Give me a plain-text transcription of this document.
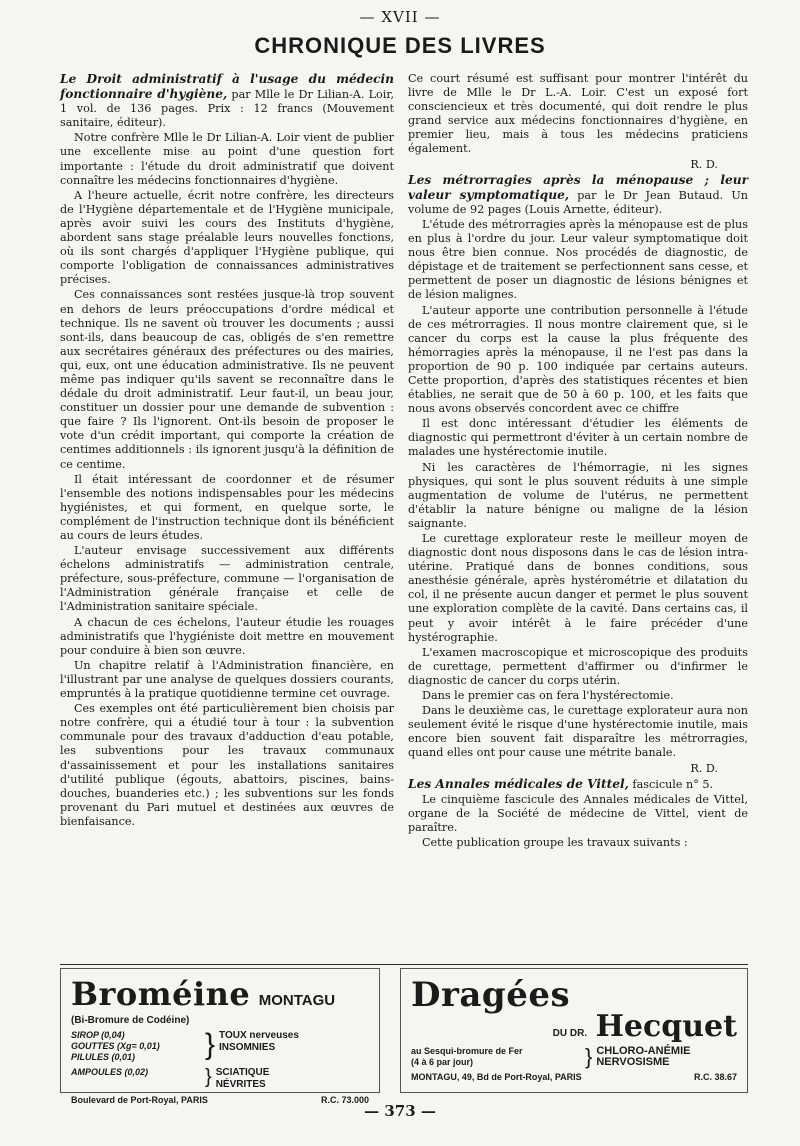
— XVII —
CHRONIQUE DES LIVRES

Le Droit administratif à l'usage du médecin fonctionnaire d'hygiène, par Mlle le Dr Lilian-A. Loir, 1 vol. de 136 pages. Prix : 12 francs (Mouvement sanitaire, éditeur).

Notre confrère Mlle le Dr Lilian-A. Loir vient de publier une excellente mise au point d'une question fort importante : l'étude du droit administratif que doivent connaître les médecins fonctionnaires d'hygiène.

A l'heure actuelle, écrit notre confrère, les directeurs de l'Hygiène départementale et de l'Hygiène municipale, après avoir suivi les cours des Instituts d'hygiène, abordent sans stage préalable leurs nouvelles fonctions, où ils sont chargés d'appliquer l'Hygiène publique, qui comporte l'obligation de connaissances administratives précises.

Ces connaissances sont restées jusque-là trop souvent en dehors de leurs préoccupations d'ordre médical et technique. Ils ne savent où trouver les documents ; aussi sont-ils, dans beaucoup de cas, obligés de s'en remettre aux secrétaires généraux des préfectures ou des mairies, qui, eux, ont une éducation administrative. Ils ne peuvent même pas indiquer qu'ils savent se reconnaître dans le dédale du droit administratif. Leur faut-il, un beau jour, constituer un dossier pour une demande de subvention : que faire ? Ils l'ignorent. Ont-ils besoin de proposer le vote d'un crédit important, qui comporte la création de centimes additionnels : ils ignorent jusqu'à la définition de ce centime.

Il était intéressant de coordonner et de résumer l'ensemble des notions indispensables pour les médecins hygiénistes, et qui forment, en quelque sorte, le complément de l'instruction technique dont ils bénéficient au cours de leurs études.

L'auteur envisage successivement aux différents échelons administratifs — administration centrale, préfecture, sous-préfecture, commune — l'organisation de l'Administration générale française et celle de l'Administration sanitaire spéciale.

A chacun de ces échelons, l'auteur étudie les rouages administratifs que l'hygiéniste doit mettre en mouvement pour conduire à bien son œuvre.

Un chapitre relatif à l'Administration financière, en l'illustrant par une analyse de quelques dossiers courants, empruntés à la pratique quotidienne termine cet ouvrage.

Ces exemples ont été particulièrement bien choisis par notre confrère, qui a étudié tour à tour : la subvention communale pour des travaux d'adduction d'eau potable, les subventions pour les travaux communaux d'assainissement et pour les installations sanitaires d'utilité publique (égouts, abattoirs, piscines, bains-douches, buanderies etc.) ; les subventions sur les fonds provenant du Pari mutuel et destinées aux œuvres de bienfaisance.

Ce court résumé est suffisant pour montrer l'intérêt du livre de Mlle le Dr L.-A. Loir. C'est un exposé fort consciencieux et très documenté, qui doit rendre le plus grand service aux médecins fonctionnaires d'hygiène, en premier lieu, mais à tous les médecins praticiens également.

R. D.

Les métrorragies après la ménopause ; leur valeur symptomatique, par le Dr Jean Butaud. Un volume de 92 pages (Louis Arnette, éditeur).

L'étude des métrorragies après la ménopause est de plus en plus à l'ordre du jour. Leur valeur symptomatique doit nous être bien connue. Nos procédés de diagnostic, de dépistage et de traitement se perfectionnent sans cesse, et permettent de poser un diagnostic de lésions bénignes et de lésion malignes.

L'auteur apporte une contribution personnelle à l'étude de ces métrorragies. Il nous montre clairement que, si le cancer du corps est la cause la plus fréquente des hémorragies après la ménopause, il ne l'est pas dans la proportion de 90 p. 100 indiquée par certains auteurs. Cette proportion, d'après des statistiques récentes et bien établies, ne serait que de 50 à 60 p. 100, et les faits que nous avons observés concordent avec ce chiffre

Il est donc intéressant d'étudier les éléments de diagnostic qui permettront d'éviter à un certain nombre de malades une hystérectomie inutile.

Ni les caractères de l'hémorragie, ni les signes physiques, qui sont le plus souvent réduits à une simple augmentation de volume de l'utérus, ne permettent d'établir la nature bénigne ou maligne de la lésion saignante.

Le curettage explorateur reste le meilleur moyen de diagnostic dont nous disposons dans le cas de lésion intra-utérine. Pratiqué dans de bonnes conditions, sous anesthésie générale, après hystérométrie et dilatation du col, il ne présente aucun danger et permet le plus souvent une exploration complète de la cavité. Dans certains cas, il peut y avoir intérêt à le faire précéder d'une hystérographie.

L'examen macroscopique et microscopique des produits de curettage, permettent d'affirmer ou d'infirmer le diagnostic de cancer du corps utérin.

Dans le premier cas on fera l'hystérectomie.

Dans le deuxième cas, le curettage explorateur aura non seulement évité le risque d'une hystérectomie inutile, mais encore bien souvent fait disparaître les métrorragies, quand elles ont pour cause une métrite banale.

R. D.

Les Annales médicales de Vittel, fascicule n° 5.

Le cinquième fascicule des Annales médicales de Vittel, organe de la Société de médecine de Vittel, vient de paraître.

Cette publication groupe les travaux suivants :

Broméine MONTAGU
(Bi-Bromure de Codéine)
SIROP (0,04)
GOUTTES (Xg= 0,01)
PILULES (0,01)	} TOUX nerveuses
INSOMNIES
AMPOULES (0,02)	} SCIATIQUE
NÉVRITES
Boulevard de Port-Royal, PARIS	R.C. 73.000
Dragées
DU DR. Hecquet
au Sesqui-bromure de Fer
(4 à 6 par jour)	} CHLORO-ANÉMIE
NERVOSISME
MONTAGU, 49, Bd de Port-Royal, PARIS	R.C. 38.67
— 373 —
